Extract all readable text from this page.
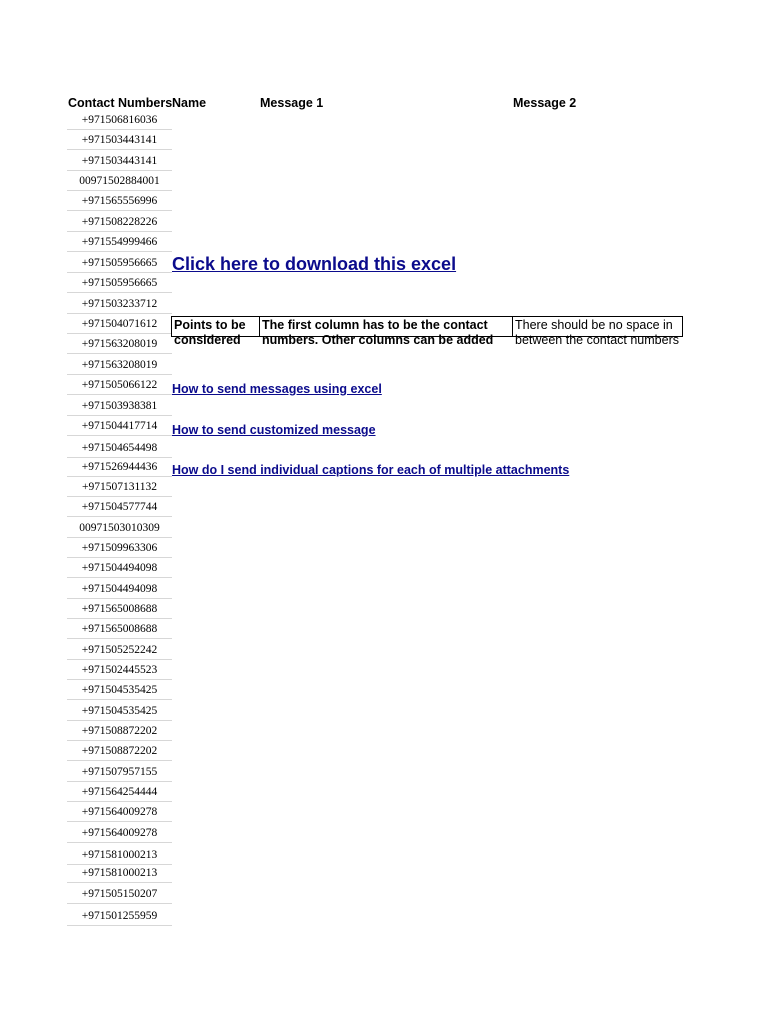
Contact Numbers Name	Message 1	Message 2
+971506816036
+971503443141
+971503443141
00971502884001
+971565556996
+971508228226
+971554999466
+971505956665
+971505956665
+971503233712
+971504071612
+971563208019
+971563208019
+971505066122
+971503938381
+971504417714
+971504654498
+971526944436
+971507131132
+971504577744
00971503010309
+971509963306
+971504494098
+971504494098
+971565008688
+971565008688
+971505252242
+971502445523
+971504535425
+971504535425
+971508872202
+971508872202
+971507957155
+971564254444
+971564009278
+971564009278
+971581000213
+971581000213
+971505150207
+971501255959
Click here to download this excel
How to send messages using excel
How to send customized message
How do I send individual captions for each of multiple attachments
Points to be considered
The first column has to be the contact numbers. Other columns can be added
There should be no space in between the contact numbers
